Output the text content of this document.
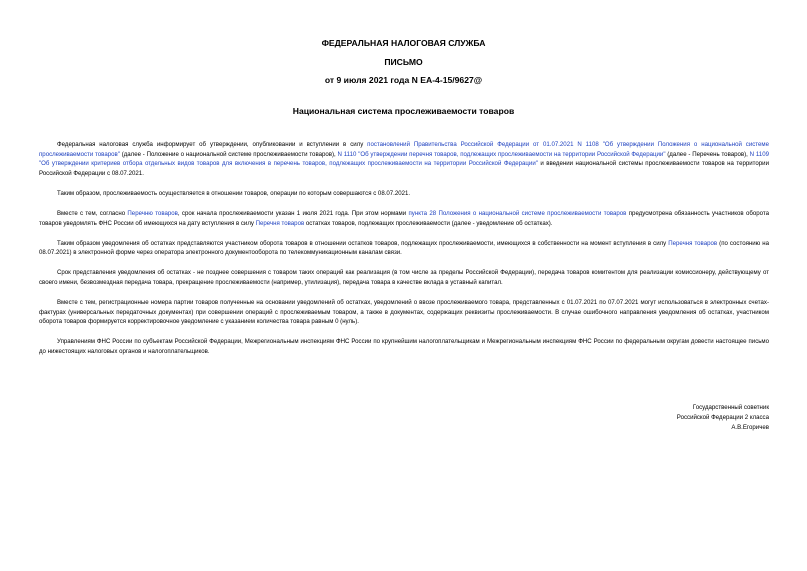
ФЕДЕРАЛЬНАЯ НАЛОГОВАЯ СЛУЖБА
ПИСЬМО
от 9 июля 2021 года N ЕА-4-15/9627@
Национальная система прослеживаемости товаров

Федеральная налоговая служба информирует об утверждении, опубликовании и вступлении в силу постановлений Правительства Российской Федерации от 01.07.2021 N 1108 "Об утверждении Положения о национальной системе прослеживаемости товаров" (далее - Положение о национальной системе прослеживаемости товаров), N 1110 "Об утверждении перечня товаров, подлежащих прослеживаемости на территории Российской Федерации" (далее - Перечень товаров), N 1109 "Об утверждении критериев отбора отдельных видов товаров для включения в перечень товаров, подлежащих прослеживаемости на территории Российской Федерации" и введении национальной системы прослеживаемости товаров на территории Российской Федерации с 08.07.2021.

Таким образом, прослеживаемость осуществляется в отношении товаров, операции по которым совершаются с 08.07.2021.

Вместе с тем, согласно Перечню товаров, срок начала прослеживаемости указан 1 июля 2021 года. При этом нормами пункта 28 Положения о национальной системе прослеживаемости товаров предусмотрена обязанность участников оборота товаров уведомлять ФНС России об имеющихся на дату вступления в силу Перечня товаров остатках товаров, подлежащих прослеживаемости (далее - уведомление об остатках).

Таким образом уведомления об остатках представляются участником оборота товаров в отношении остатков товаров, подлежащих прослеживаемости, имеющихся в собственности на момент вступления в силу Перечня товаров (по состоянию на 08.07.2021) в электронной форме через оператора электронного документооборота по телекоммуникационным каналам связи.

Срок представления уведомления об остатках - не позднее совершения с товаром таких операций как реализация (в том числе за пределы Российской Федерации), передача товаров комитентом для реализации комиссионеру, действующему от своего имени, безвозмездная передача товара, прекращение прослеживаемости (например, утилизация), передача товара в качестве вклада в уставный капитал.

Вместе с тем, регистрационные номера партии товаров полученные на основании уведомлений об остатках, уведомлений о ввозе прослеживаемого товара, представленных с 01.07.2021 по 07.07.2021 могут использоваться в электронных счетах-фактурах (универсальных передаточных документах) при совершении операций с прослеживаемым товаром, а также в документах, содержащих реквизиты прослеживаемости. В случае ошибочного направления уведомления об остатках, участником оборота товаров формируется корректировочное уведомление с указанием количества товара равным 0 (нуль).

Управлениям ФНС России по субъектам Российской Федерации, Межрегиональным инспекциям ФНС России по крупнейшим налогоплательщикам и Межрегиональным инспекциям ФНС России по федеральным округам довести настоящее письмо до нижестоящих налоговых органов и налогоплательщиков.

Государственный советник
Российской Федерации 2 класса
А.В.Егоричев
